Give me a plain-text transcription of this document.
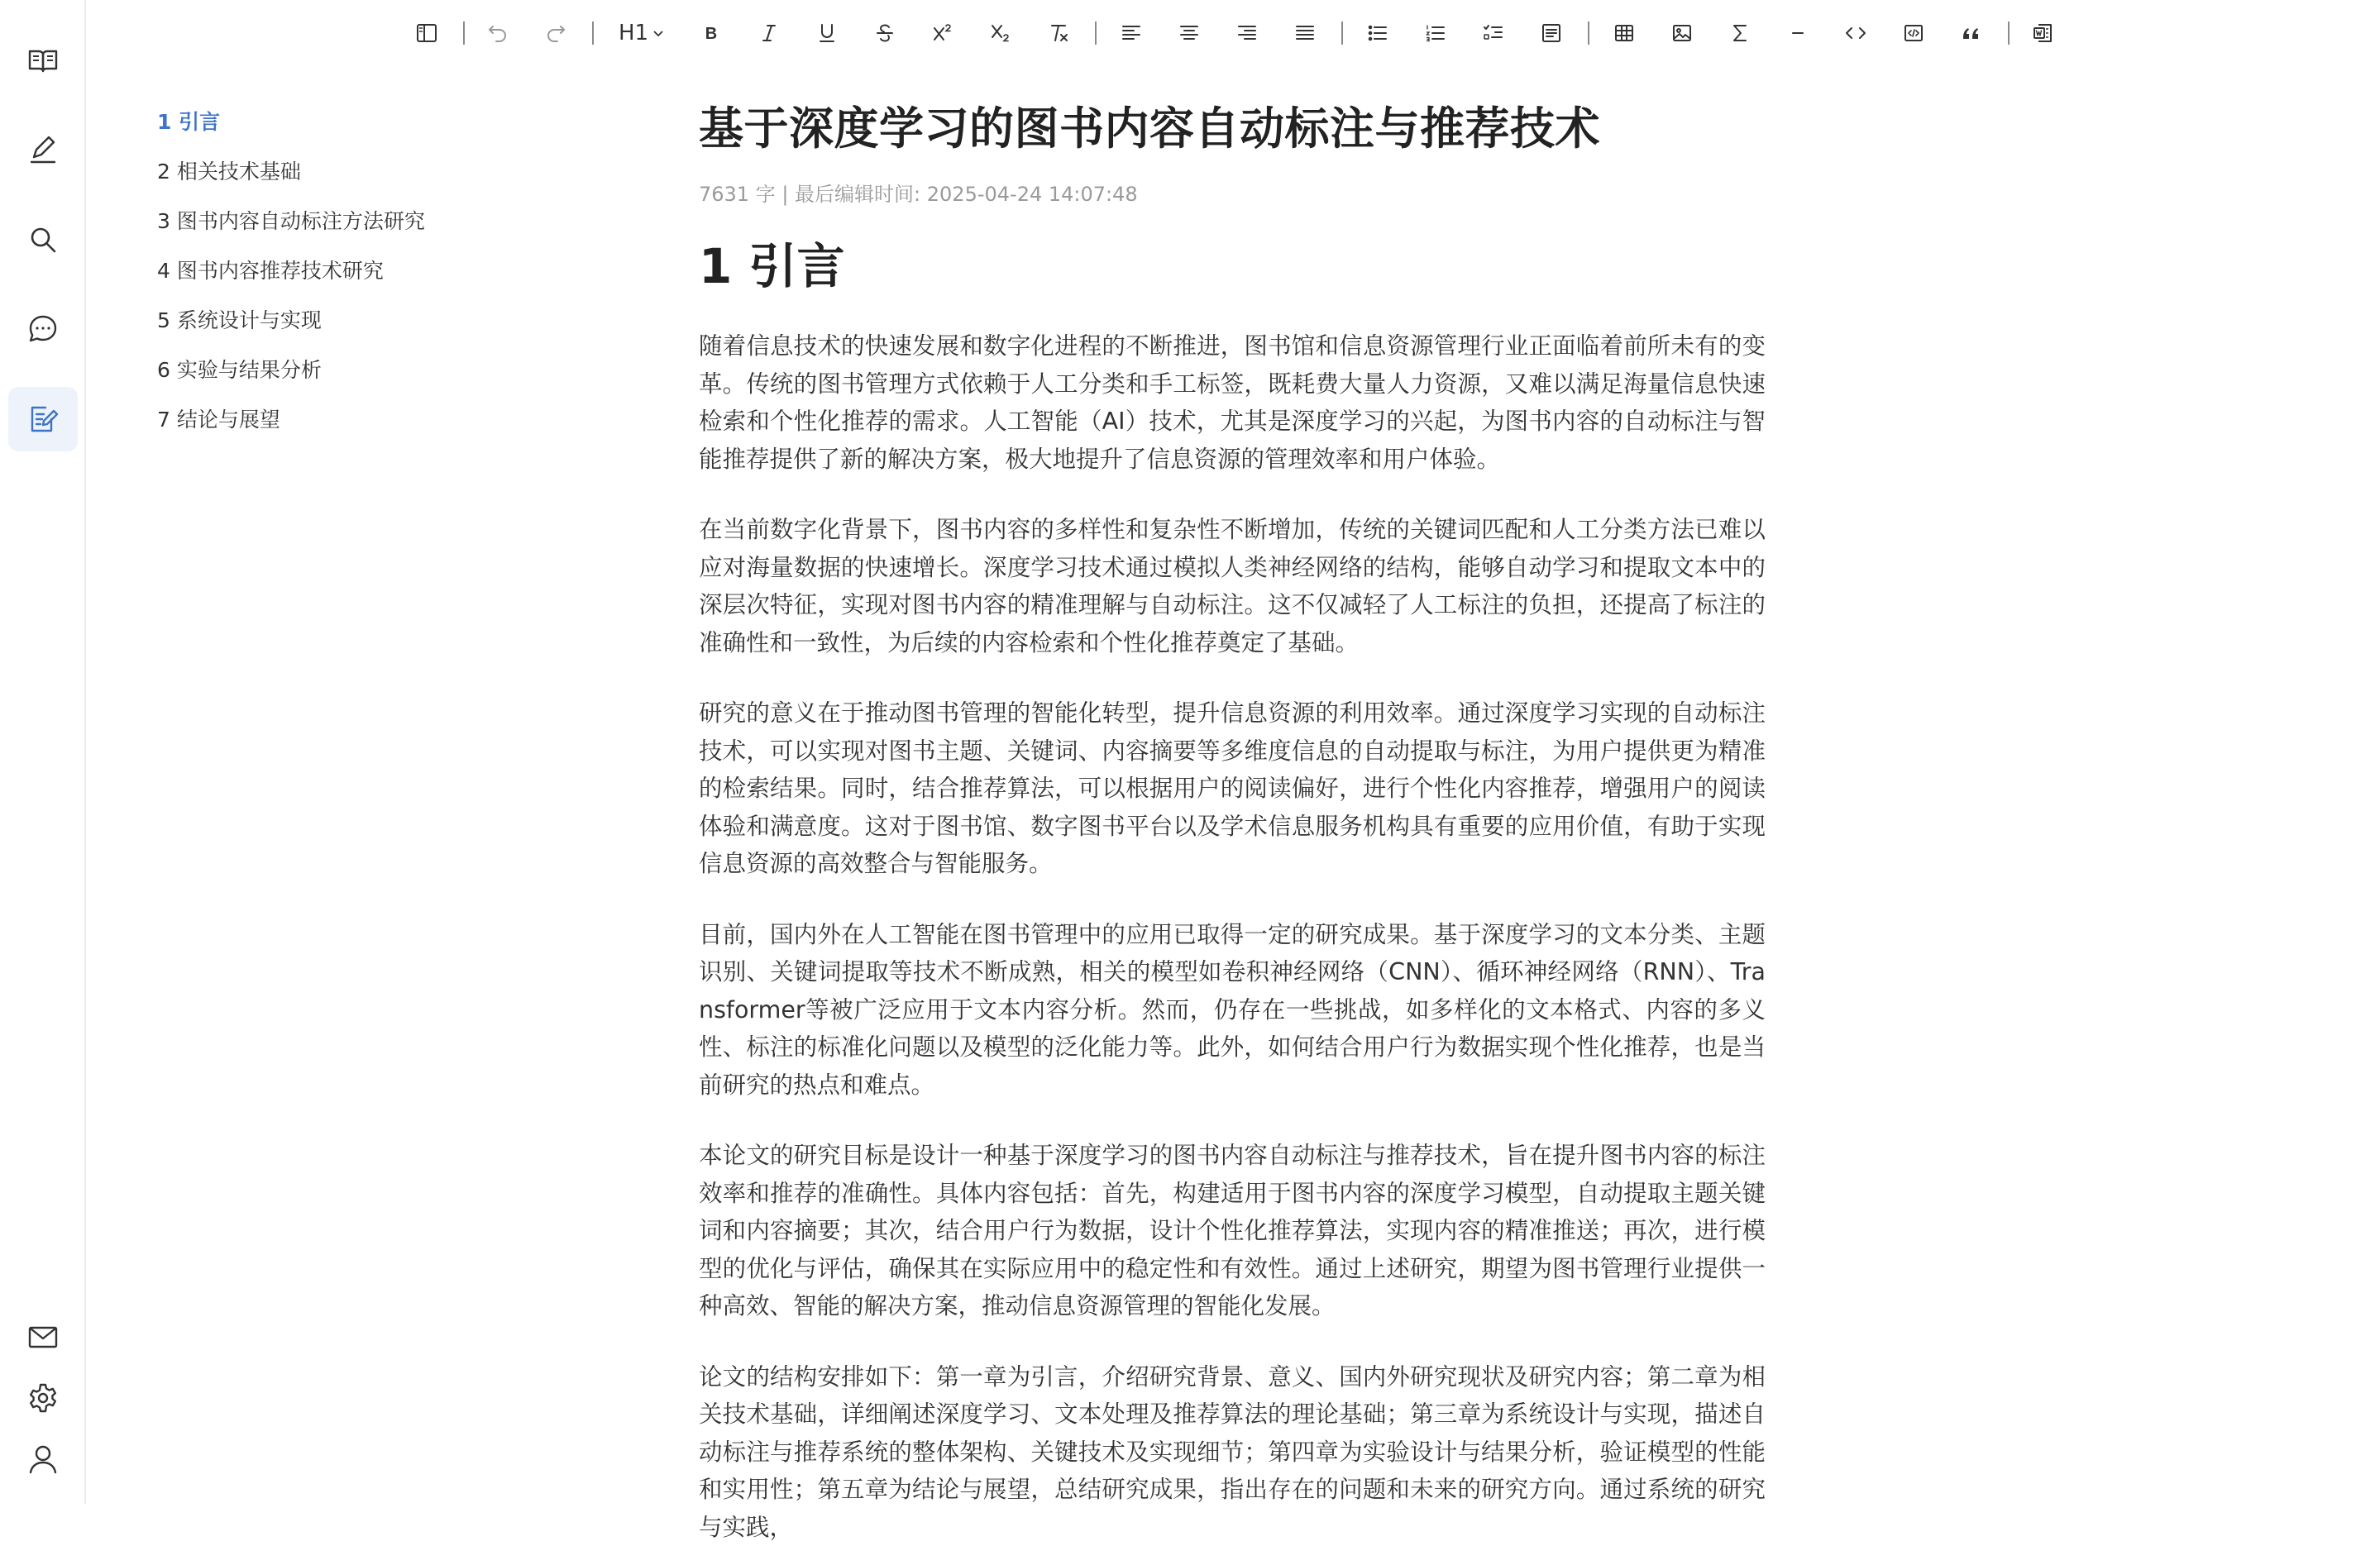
H1	B
1 引言
2 相关技术基础
3 图书内容自动标注方法研究
4 图书内容推荐技术研究
5 系统设计与实现
6 实验与结果分析
7 结论与展望
基于深度学习的图书内容自动标注与推荐技术
7631 字 | 最后编辑时间: 2025-04-24 14:07:48
1 引言

随着信息技术的快速发展和数字化进程的不断推进，图书馆和信息资源管理行业正面临着前所未有的变革。传统的图书管理方式依赖于人工分类和手工标签，既耗费大量人力资源，又难以满足海量信息快速检索和个性化推荐的需求。人工智能（AI）技术，尤其是深度学习的兴起，为图书内容的自动标注与智能推荐提供了新的解决方案，极大地提升了信息资源的管理效率和用户体验。

在当前数字化背景下，图书内容的多样性和复杂性不断增加，传统的关键词匹配和人工分类方法已难以应对海量数据的快速增长。深度学习技术通过模拟人类神经网络的结构，能够自动学习和提取文本中的深层次特征，实现对图书内容的精准理解与自动标注。这不仅减轻了人工标注的负担，还提高了标注的准确性和一致性，为后续的内容检索和个性化推荐奠定了基础。

研究的意义在于推动图书管理的智能化转型，提升信息资源的利用效率。通过深度学习实现的自动标注技术，可以实现对图书主题、关键词、内容摘要等多维度信息的自动提取与标注，为用户提供更为精准的检索结果。同时，结合推荐算法，可以根据用户的阅读偏好，进行个性化内容推荐，增强用户的阅读体验和满意度。这对于图书馆、数字图书平台以及学术信息服务机构具有重要的应用价值，有助于实现信息资源的高效整合与智能服务。

目前，国内外在人工智能在图书管理中的应用已取得一定的研究成果。基于深度学习的文本分类、主题识别、关键词提取等技术不断成熟，相关的模型如卷积神经网络（CNN）、循环神经网络（RNN）、Transformer等被广泛应用于文本内容分析。然而，仍存在一些挑战，如多样化的文本格式、内容的多义性、标注的标准化问题以及模型的泛化能力等。此外，如何结合用户行为数据实现个性化推荐，也是当前研究的热点和难点。

本论文的研究目标是设计一种基于深度学习的图书内容自动标注与推荐技术，旨在提升图书内容的标注效率和推荐的准确性。具体内容包括：首先，构建适用于图书内容的深度学习模型，自动提取主题关键词和内容摘要；其次，结合用户行为数据，设计个性化推荐算法，实现内容的精准推送；再次，进行模型的优化与评估，确保其在实际应用中的稳定性和有效性。通过上述研究，期望为图书管理行业提供一种高效、智能的解决方案，推动信息资源管理的智能化发展。

论文的结构安排如下：第一章为引言，介绍研究背景、意义、国内外研究现状及研究内容；第二章为相关技术基础，详细阐述深度学习、文本处理及推荐算法的理论基础；第三章为系统设计与实现，描述自动标注与推荐系统的整体架构、关键技术及实现细节；第四章为实验设计与结果分析，验证模型的性能和实用性；第五章为结论与展望，总结研究成果，指出存在的问题和未来的研究方向。通过系统的研究与实践，
